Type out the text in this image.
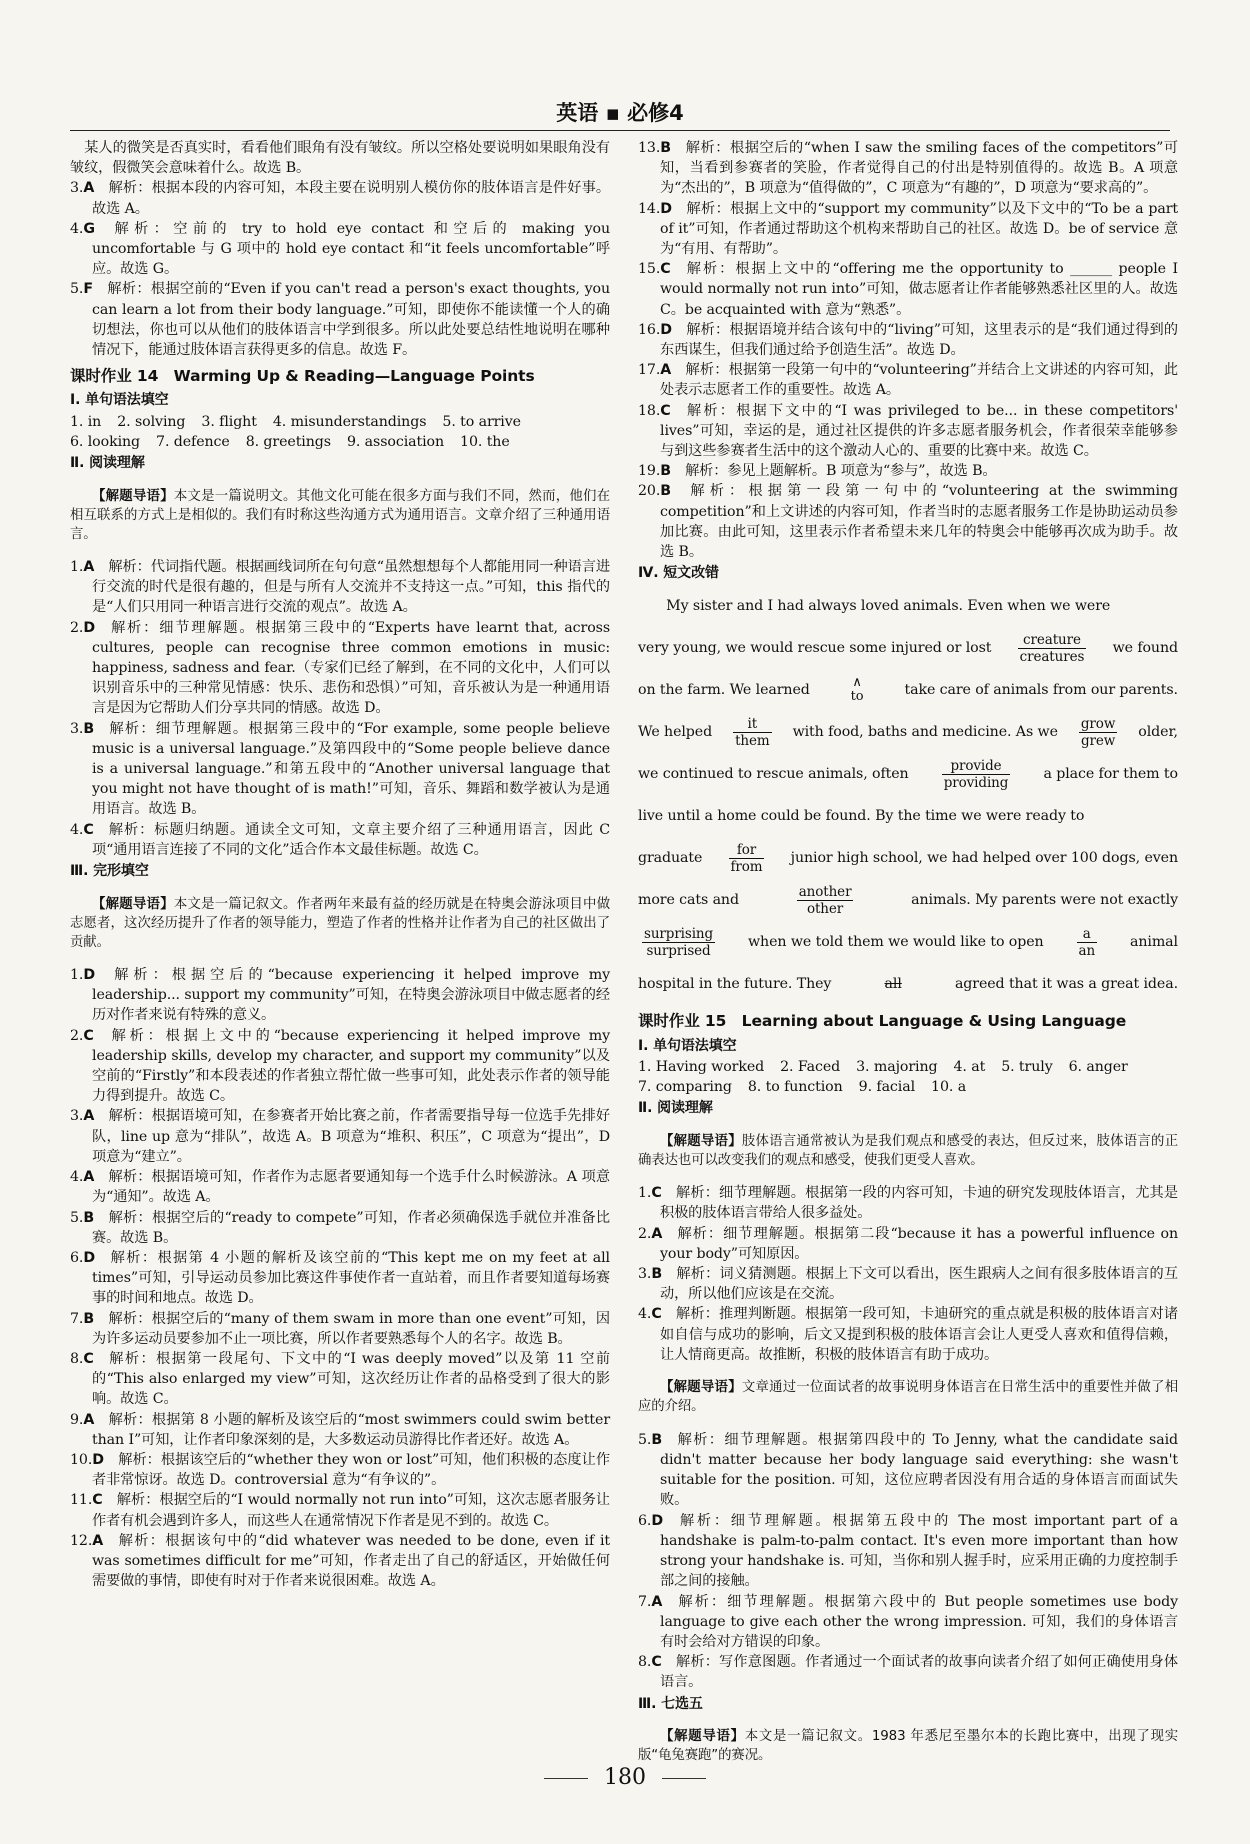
英语 ▪ 必修4

 某人的微笑是否真实时，看看他们眼角有没有皱纹。所以空格处要说明如果眼角没有皱纹，假微笑会意味着什么。故选 B。

3.A  解析：根据本段的内容可知，本段主要在说明别人模仿你的肢体语言是件好事。故选 A。

4.G  解析：空前的 try to hold eye contact 和空后的 making you uncomfortable 与 G 项中的 hold eye contact 和“it feels uncomfortable”呼应。故选 G。

5.F  解析：根据空前的“Even if you can't read a person's exact thoughts, you can learn a lot from their body language.”可知，即使你不能读懂一个人的确切想法，你也可以从他们的肢体语言中学到很多。所以此处要总结性地说明在哪种情况下，能通过肢体语言获得更多的信息。故选 F。

课时作业 14　Warming Up & Reading—Language Points
Ⅰ. 单句语法填空
1. in 2. solving 3. flight 4. misunderstandings 5. to arrive
6. looking 7. defence 8. greetings 9. association 10. the
Ⅱ. 阅读理解

【解题导语】本文是一篇说明文。其他文化可能在很多方面与我们不同，然而，他们在相互联系的方式上是相似的。我们有时称这些沟通方式为通用语言。文章介绍了三种通用语言。

1.A  解析：代词指代题。根据画线词所在句句意“虽然想想每个人都能用同一种语言进行交流的时代是很有趣的，但是与所有人交流并不支持这一点。”可知，this 指代的是“人们只用同一种语言进行交流的观点”。故选 A。

2.D  解析：细节理解题。根据第三段中的“Experts have learnt that, across cultures, people can recognise three common emotions in music: happiness, sadness and fear.（专家们已经了解到，在不同的文化中，人们可以识别音乐中的三种常见情感：快乐、悲伤和恐惧）”可知，音乐被认为是一种通用语言是因为它帮助人们分享共同的情感。故选 D。

3.B  解析：细节理解题。根据第三段中的“For example, some people believe music is a universal language.”及第四段中的“Some people believe dance is a universal language.”和第五段中的“Another universal language that you might not have thought of is math!”可知，音乐、舞蹈和数学被认为是通用语言。故选 B。

4.C  解析：标题归纳题。通读全文可知，文章主要介绍了三种通用语言，因此 C 项“通用语言连接了不同的文化”适合作本文最佳标题。故选 C。

Ⅲ. 完形填空

【解题导语】本文是一篇记叙文。作者两年来最有益的经历就是在特奥会游泳项目中做志愿者，这次经历提升了作者的领导能力，塑造了作者的性格并让作者为自己的社区做出了贡献。

1.D  解析：根据空后的“because experiencing it helped improve my leadership... support my community”可知，在特奥会游泳项目中做志愿者的经历对作者来说有特殊的意义。

2.C  解析：根据上文中的“because experiencing it helped improve my leadership skills, develop my character, and support my community”以及空前的“Firstly”和本段表述的作者独立帮忙做一些事可知，此处表示作者的领导能力得到提升。故选 C。

3.A  解析：根据语境可知，在参赛者开始比赛之前，作者需要指导每一位选手先排好队，line up 意为“排队”，故选 A。B 项意为“堆积、积压”，C 项意为“提出”，D 项意为“建立”。

4.A  解析：根据语境可知，作者作为志愿者要通知每一个选手什么时候游泳。A 项意为“通知”。故选 A。

5.B  解析：根据空后的“ready to compete”可知，作者必须确保选手就位并准备比赛。故选 B。

6.D  解析：根据第 4 小题的解析及该空前的“This kept me on my feet at all times”可知，引导运动员参加比赛这件事使作者一直站着，而且作者要知道每场赛事的时间和地点。故选 D。

7.B  解析：根据空后的“many of them swam in more than one event”可知，因为许多运动员要参加不止一项比赛，所以作者要熟悉每个人的名字。故选 B。

8.C  解析：根据第一段尾句、下文中的“I was deeply moved”以及第 11 空前的“This also enlarged my view”可知，这次经历让作者的品格受到了很大的影响。故选 C。

9.A  解析：根据第 8 小题的解析及该空后的“most swimmers could swim better than I”可知，让作者印象深刻的是，大多数运动员游得比作者还好。故选 A。

10.D  解析：根据该空后的“whether they won or lost”可知，他们积极的态度让作者非常惊讶。故选 D。controversial 意为“有争议的”。

11.C  解析：根据空后的“I would normally not run into”可知，这次志愿者服务让作者有机会遇到许多人，而这些人在通常情况下作者是见不到的。故选 C。

12.A  解析：根据该句中的“did whatever was needed to be done, even if it was sometimes difficult for me”可知，作者走出了自己的舒适区，开始做任何需要做的事情，即使有时对于作者来说很困难。故选 A。

13.B  解析：根据空后的“when I saw the smiling faces of the competitors”可知，当看到参赛者的笑脸，作者觉得自己的付出是特别值得的。故选 B。A 项意为“杰出的”，B 项意为“值得做的”，C 项意为“有趣的”，D 项意为“要求高的”。

14.D  解析：根据上文中的“support my community”以及下文中的“To be a part of it”可知，作者通过帮助这个机构来帮助自己的社区。故选 D。be of service 意为“有用、有帮助”。

15.C  解析：根据上文中的“offering me the opportunity to ______ people I would normally not run into”可知，做志愿者让作者能够熟悉社区里的人。故选 C。be acquainted with 意为“熟悉”。

16.D  解析：根据语境并结合该句中的“living”可知，这里表示的是“我们通过得到的东西谋生，但我们通过给予创造生活”。故选 D。

17.A  解析：根据第一段第一句中的“volunteering”并结合上文讲述的内容可知，此处表示志愿者工作的重要性。故选 A。

18.C  解析：根据下文中的“I was privileged to be... in these competitors' lives”可知，幸运的是，通过社区提供的许多志愿者服务机会，作者很荣幸能够参与到这些参赛者生活中的这个激动人心的、重要的比赛中来。故选 C。

19.B  解析：参见上题解析。B 项意为“参与”，故选 B。

20.B  解析：根据第一段第一句中的“volunteering at the swimming competition”和上文讲述的内容可知，作者当时的志愿者服务工作是协助运动员参加比赛。由此可知，这里表示作者希望未来几年的特奥会中能够再次成为助手。故选 B。

Ⅳ. 短文改错
　　My sister and I had always loved animals. Even when we were
very young, we would rescue some injured or lost
creature
creatures
we found
on the farm. We learned	∧
to	take care of animals from our parents.
We helped
it
them
with food, baths and medicine. As we
grow
grew
older,
we continued to rescue animals, often
provide
providing
a place for them to
live until a home could be found. By the time we were ready to
graduate
for
from
junior high school, we had helped over 100 dogs, even
more cats and
another
other
animals. My parents were not exactly
surprising
surprised
when we told them we would like to open
a
an
animal
hospital in the future. They	all	agreed that it was a great idea.
课时作业 15　Learning about Language & Using Language
Ⅰ. 单句语法填空
1. Having worked 2. Faced 3. majoring 4. at 5. truly 6. anger
7. comparing 8. to function 9. facial 10. a
Ⅱ. 阅读理解

【解题导语】肢体语言通常被认为是我们观点和感受的表达，但反过来，肢体语言的正确表达也可以改变我们的观点和感受，使我们更受人喜欢。

1.C  解析：细节理解题。根据第一段的内容可知，卡迪的研究发现肢体语言，尤其是积极的肢体语言带给人很多益处。

2.A  解析：细节理解题。根据第二段“because it has a powerful influence on your body”可知原因。

3.B  解析：词义猜测题。根据上下文可以看出，医生跟病人之间有很多肢体语言的互动，所以他们应该是在交流。

4.C  解析：推理判断题。根据第一段可知，卡迪研究的重点就是积极的肢体语言对诸如自信与成功的影响，后文又提到积极的肢体语言会让人更受人喜欢和值得信赖，让人情商更高。故推断，积极的肢体语言有助于成功。

【解题导语】文章通过一位面试者的故事说明身体语言在日常生活中的重要性并做了相应的介绍。

5.B  解析：细节理解题。根据第四段中的 To Jenny, what the candidate said didn't matter because her body language said everything: she wasn't suitable for the position. 可知，这位应聘者因没有用合适的身体语言而面试失败。

6.D  解析：细节理解题。根据第五段中的 The most important part of a handshake is palm-to-palm contact. It's even more important than how strong your handshake is. 可知，当你和别人握手时，应采用正确的力度控制手部之间的接触。

7.A  解析：细节理解题。根据第六段中的 But people sometimes use body language to give each other the wrong impression. 可知，我们的身体语言有时会给对方错误的印象。

8.C  解析：写作意图题。作者通过一个面试者的故事向读者介绍了如何正确使用身体语言。

Ⅲ. 七选五

【解题导语】本文是一篇记叙文。1983 年悉尼至墨尔本的长跑比赛中，出现了现实版“龟兔赛跑”的赛况。

180
